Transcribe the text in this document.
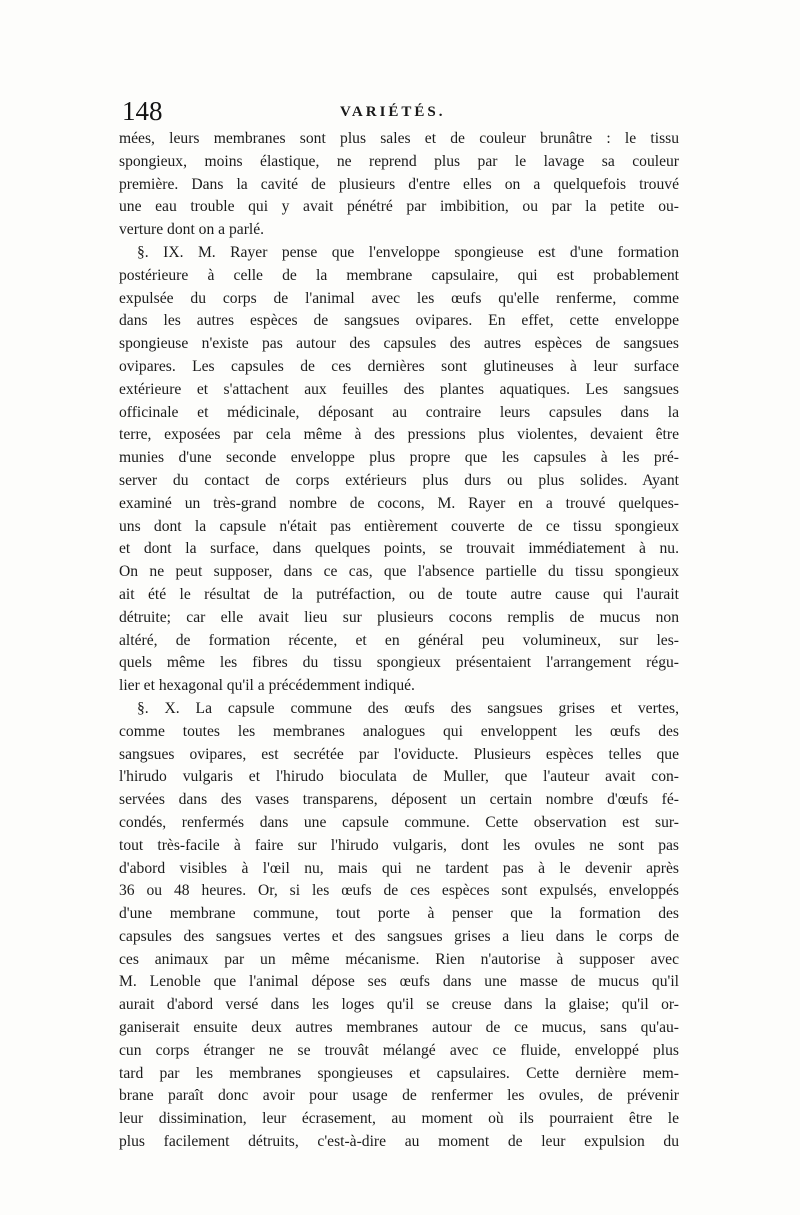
148	VARIÉTÉS.
mées, leurs membranes sont plus sales et de couleur brunâtre : le tissu
spongieux, moins élastique, ne reprend plus par le lavage sa couleur
première. Dans la cavité de plusieurs d'entre elles on a quelquefois trouvé
une eau trouble qui y avait pénétré par imbibition, ou par la petite ou-
verture dont on a parlé.
§. IX. M. Rayer pense que l'enveloppe spongieuse est d'une formation
postérieure à celle de la membrane capsulaire, qui est probablement
expulsée du corps de l'animal avec les œufs qu'elle renferme, comme
dans les autres espèces de sangsues ovipares. En effet, cette enveloppe
spongieuse n'existe pas autour des capsules des autres espèces de sangsues
ovipares. Les capsules de ces dernières sont glutineuses à leur surface
extérieure et s'attachent aux feuilles des plantes aquatiques. Les sangsues
officinale et médicinale, déposant au contraire leurs capsules dans la
terre, exposées par cela même à des pressions plus violentes, devaient être
munies d'une seconde enveloppe plus propre que les capsules à les pré-
server du contact de corps extérieurs plus durs ou plus solides. Ayant
examiné un très-grand nombre de cocons, M. Rayer en a trouvé quelques-
uns dont la capsule n'était pas entièrement couverte de ce tissu spongieux
et dont la surface, dans quelques points, se trouvait immédiatement à nu.
On ne peut supposer, dans ce cas, que l'absence partielle du tissu spongieux
ait été le résultat de la putréfaction, ou de toute autre cause qui l'aurait
détruite; car elle avait lieu sur plusieurs cocons remplis de mucus non
altéré, de formation récente, et en général peu volumineux, sur les-
quels même les fibres du tissu spongieux présentaient l'arrangement régu-
lier et hexagonal qu'il a précédemment indiqué.
§. X. La capsule commune des œufs des sangsues grises et vertes,
comme toutes les membranes analogues qui enveloppent les œufs des
sangsues ovipares, est secrétée par l'oviducte. Plusieurs espèces telles que
l'hirudo vulgaris et l'hirudo bioculata de Muller, que l'auteur avait con-
servées dans des vases transparens, déposent un certain nombre d'œufs fé-
condés, renfermés dans une capsule commune. Cette observation est sur-
tout très-facile à faire sur l'hirudo vulgaris, dont les ovules ne sont pas
d'abord visibles à l'œil nu, mais qui ne tardent pas à le devenir après
36 ou 48 heures. Or, si les œufs de ces espèces sont expulsés, enveloppés
d'une membrane commune, tout porte à penser que la formation des
capsules des sangsues vertes et des sangsues grises a lieu dans le corps de
ces animaux par un même mécanisme. Rien n'autorise à supposer avec
M. Lenoble que l'animal dépose ses œufs dans une masse de mucus qu'il
aurait d'abord versé dans les loges qu'il se creuse dans la glaise; qu'il or-
ganiserait ensuite deux autres membranes autour de ce mucus, sans qu'au-
cun corps étranger ne se trouvât mélangé avec ce fluide, enveloppé plus
tard par les membranes spongieuses et capsulaires. Cette dernière mem-
brane paraît donc avoir pour usage de renfermer les ovules, de prévenir
leur dissimination, leur écrasement, au moment où ils pourraient être le
plus facilement détruits, c'est-à-dire au moment de leur expulsion du
